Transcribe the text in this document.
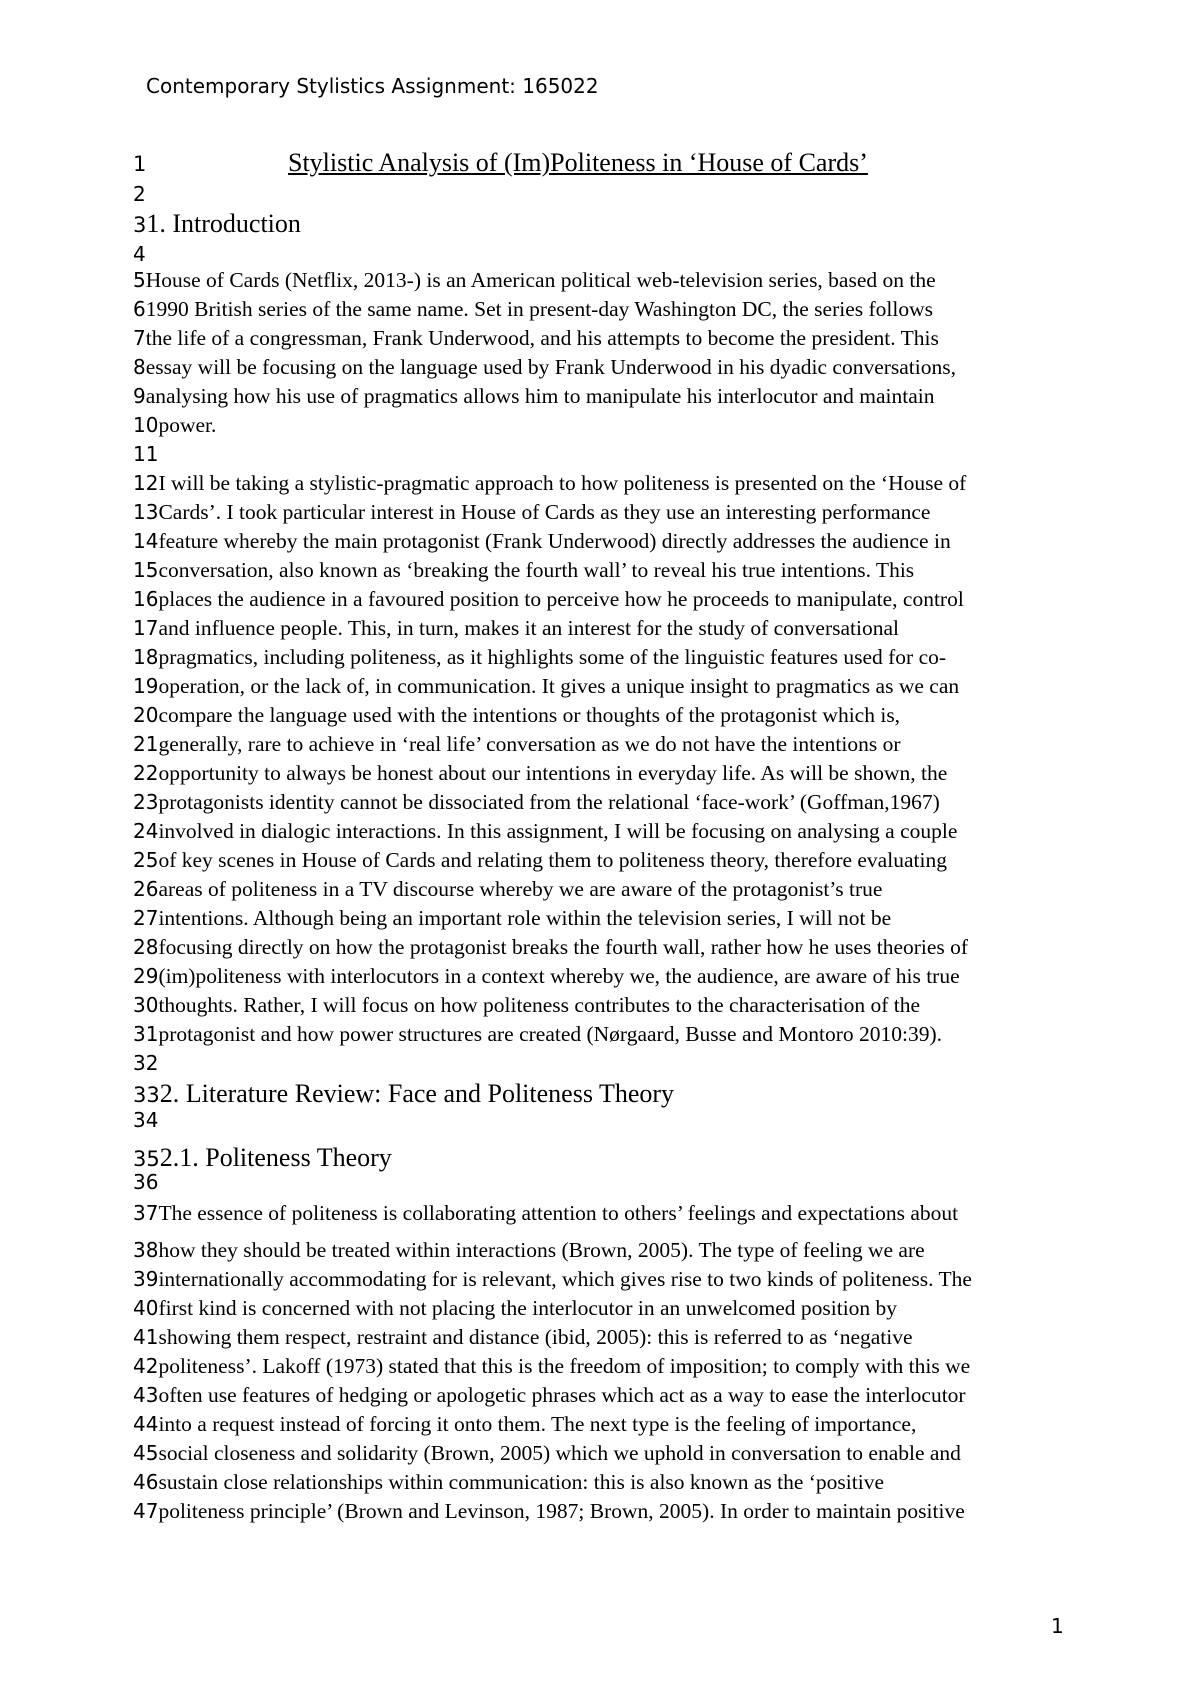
Contemporary Stylistics Assignment: 165022
1	Stylistic Analysis of (Im)Politeness in ‘House of Cards’
2
31. Introduction
4
5House of Cards (Netflix, 2013-) is an American political web-television series, based on the
61990 British series of the same name. Set in present-day Washington DC, the series follows
7the life of a congressman, Frank Underwood, and his attempts to become the president. This
8essay will be focusing on the language used by Frank Underwood in his dyadic conversations,
9analysing how his use of pragmatics allows him to manipulate his interlocutor and maintain
10power.
11
12I will be taking a stylistic-pragmatic approach to how politeness is presented on the ‘House of
13Cards’. I took particular interest in House of Cards as they use an interesting performance
14feature whereby the main protagonist (Frank Underwood) directly addresses the audience in
15conversation, also known as ‘breaking the fourth wall’ to reveal his true intentions. This
16places the audience in a favoured position to perceive how he proceeds to manipulate, control
17and influence people. This, in turn, makes it an interest for the study of conversational
18pragmatics, including politeness, as it highlights some of the linguistic features used for co-
19operation, or the lack of, in communication. It gives a unique insight to pragmatics as we can
20compare the language used with the intentions or thoughts of the protagonist which is,
21generally, rare to achieve in ‘real life’ conversation as we do not have the intentions or
22opportunity to always be honest about our intentions in everyday life. As will be shown, the
23protagonists identity cannot be dissociated from the relational ‘face-work’ (Goffman,1967)
24involved in dialogic interactions. In this assignment, I will be focusing on analysing a couple
25of key scenes in House of Cards and relating them to politeness theory, therefore evaluating
26areas of politeness in a TV discourse whereby we are aware of the protagonist’s true
27intentions. Although being an important role within the television series, I will not be
28focusing directly on how the protagonist breaks the fourth wall, rather how he uses theories of
29(im)politeness with interlocutors in a context whereby we, the audience, are aware of his true
30thoughts. Rather, I will focus on how politeness contributes to the characterisation of the
31protagonist and how power structures are created (Nørgaard, Busse and Montoro 2010:39).
32
332. Literature Review: Face and Politeness Theory
34
352.1. Politeness Theory
36
37The essence of politeness is collaborating attention to others’ feelings and expectations about
38how they should be treated within interactions (Brown, 2005). The type of feeling we are
39internationally accommodating for is relevant, which gives rise to two kinds of politeness. The
40first kind is concerned with not placing the interlocutor in an unwelcomed position by
41showing them respect, restraint and distance (ibid, 2005): this is referred to as ‘negative
42politeness’. Lakoff (1973) stated that this is the freedom of imposition; to comply with this we
43often use features of hedging or apologetic phrases which act as a way to ease the interlocutor
44into a request instead of forcing it onto them. The next type is the feeling of importance,
45social closeness and solidarity (Brown, 2005) which we uphold in conversation to enable and
46sustain close relationships within communication: this is also known as the ‘positive
47politeness principle’ (Brown and Levinson, 1987; Brown, 2005). In order to maintain positive
1
